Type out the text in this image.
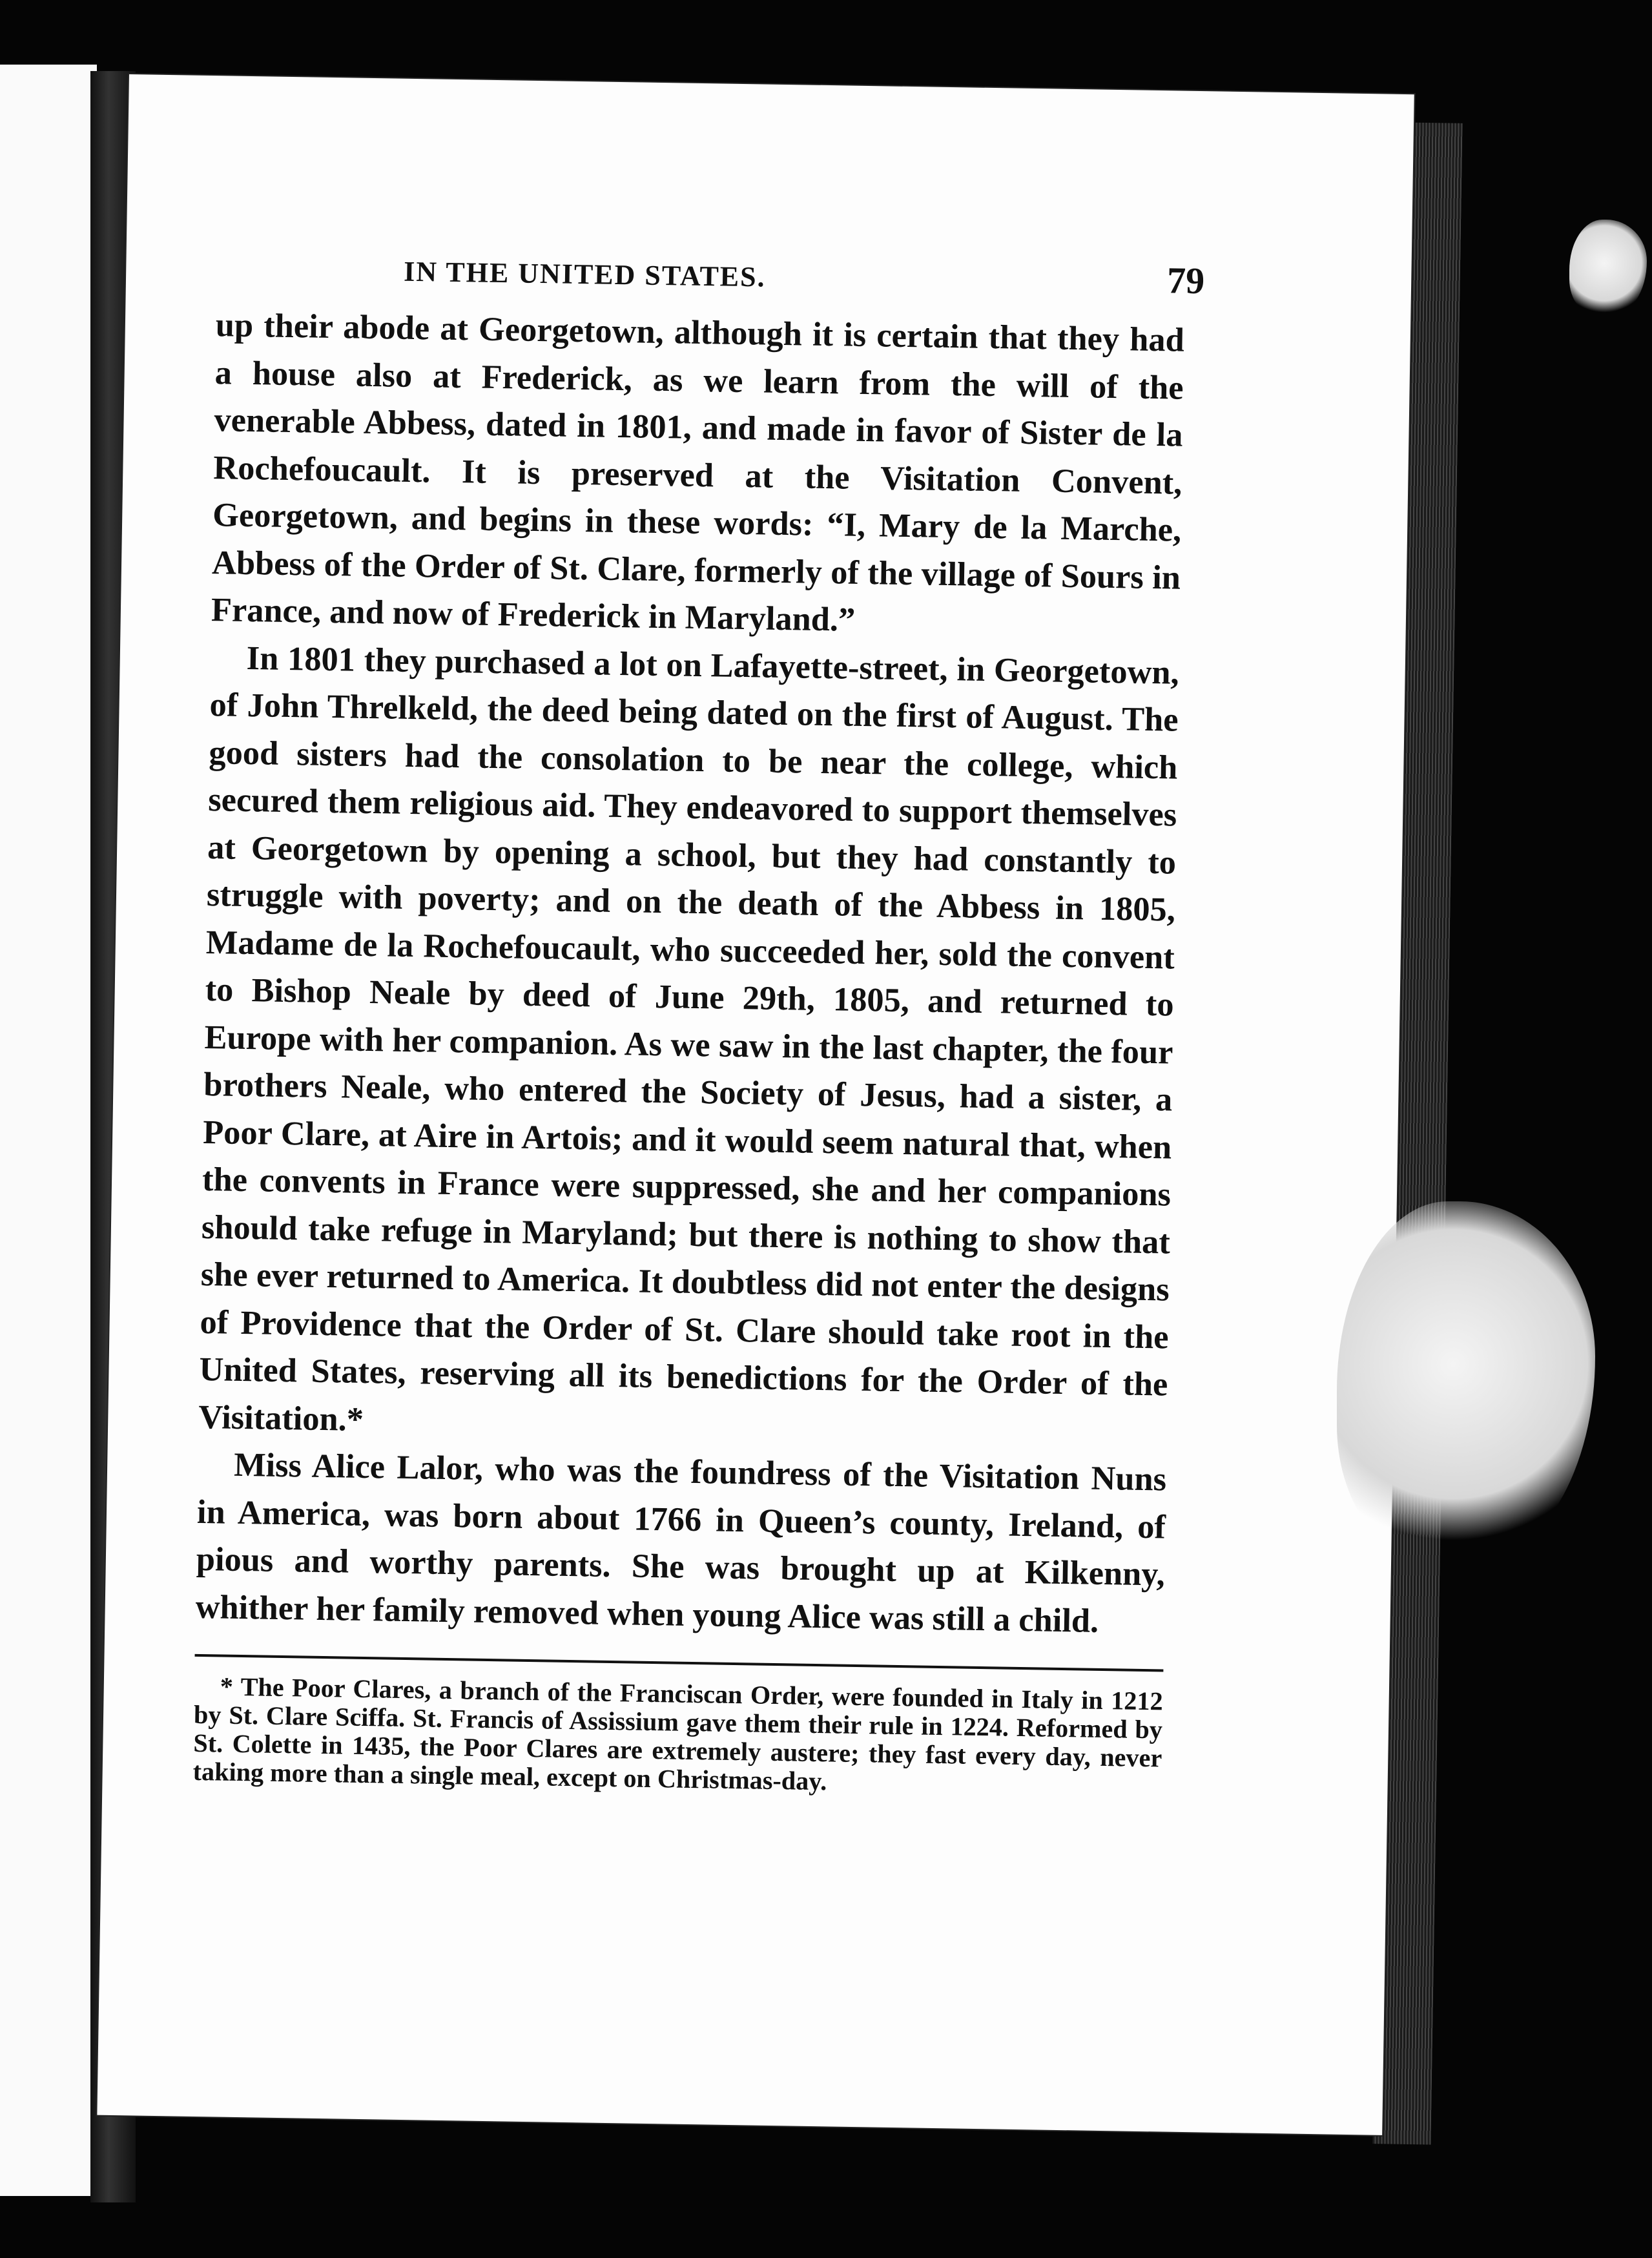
IN THE UNITED STATES.	79

up their abode at Georgetown, although it is certain that they had a house also at Frederick, as we learn from the will of the venerable Abbess, dated in 1801, and made in favor of Sister de la Rochefoucault. It is preserved at the Visitation Convent, Georgetown, and begins in these words: “I, Mary de la Marche, Abbess of the Order of St. Clare, formerly of the village of Sours in France, and now of Frederick in Maryland.”

In 1801 they purchased a lot on Lafayette-street, in Georgetown, of John Threlkeld, the deed being dated on the first of August. The good sisters had the consolation to be near the college, which secured them religious aid. They endeavored to support themselves at Georgetown by opening a school, but they had constantly to struggle with poverty; and on the death of the Abbess in 1805, Madame de la Rochefoucault, who succeeded her, sold the convent to Bishop Neale by deed of June 29th, 1805, and returned to Europe with her companion. As we saw in the last chapter, the four brothers Neale, who entered the Society of Jesus, had a sister, a Poor Clare, at Aire in Artois; and it would seem natural that, when the convents in France were suppressed, she and her companions should take refuge in Maryland; but there is nothing to show that she ever returned to America. It doubtless did not enter the designs of Providence that the Order of St. Clare should take root in the United States, reserving all its benedictions for the Order of the Visitation.*

Miss Alice Lalor, who was the foundress of the Visitation Nuns in America, was born about 1766 in Queen’s county, Ireland, of pious and worthy parents. She was brought up at Kilkenny, whither her family removed when young Alice was still a child.

* The Poor Clares, a branch of the Franciscan Order, were founded in Italy in 1212 by St. Clare Sciffa. St. Francis of Assissium gave them their rule in 1224. Reformed by St. Colette in 1435, the Poor Clares are extremely austere; they fast every day, never taking more than a single meal, except on Christmas-day.
